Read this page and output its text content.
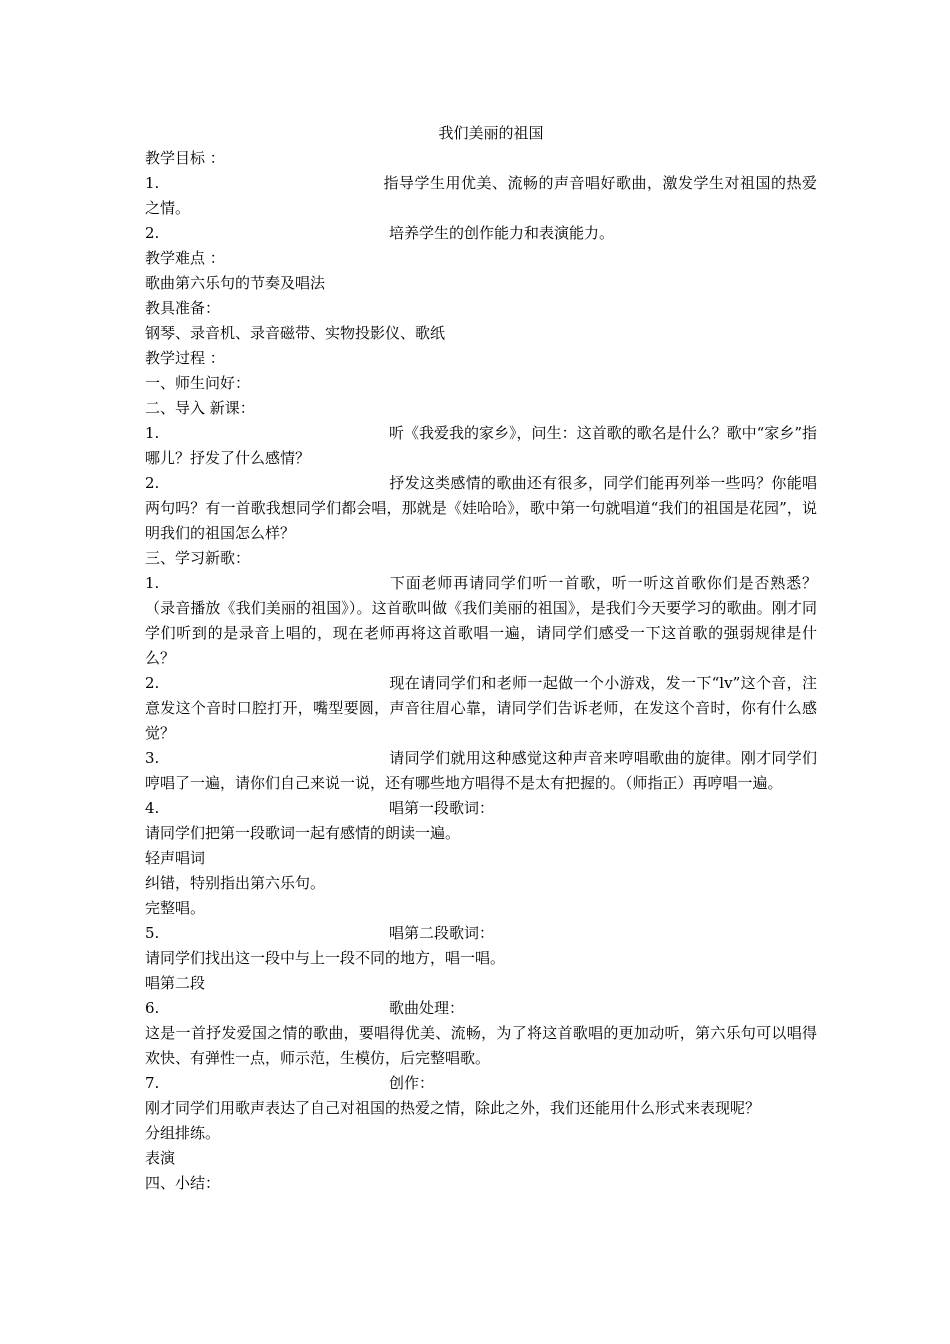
我们美丽的祖国
教学目标 ：
1.	指导学生用优美、流畅的声音唱好歌曲，激发学生对祖国的热爱之情。
2.	培养学生的创作能力和表演能力。
教学难点 ：
歌曲第六乐句的节奏及唱法
教具准备：
钢琴、录音机、录音磁带、实物投影仪、歌纸
教学过程 ：
一、师生问好：
二、导入 新课：
1.	听《我爱我的家乡》，问生：这首歌的歌名是什么？歌中“家乡”指哪儿？抒发了什么感情？
2.	抒发这类感情的歌曲还有很多，同学们能再列举一些吗？你能唱两句吗？有一首歌我想同学们都会唱，那就是《娃哈哈》，歌中第一句就唱道“我们的祖国是花园”，说明我们的祖国怎么样？
三、学习新歌：
1.	下面老师再请同学们听一首歌，听一听这首歌你们是否熟悉？（录音播放《我们美丽的祖国》）。这首歌叫做《我们美丽的祖国》，是我们今天要学习的歌曲。刚才同学们听到的是录音上唱的，现在老师再将这首歌唱一遍，请同学们感受一下这首歌的强弱规律是什么？
2.	现在请同学们和老师一起做一个小游戏，发一下“lv”这个音，注意发这个音时口腔打开，嘴型要圆，声音往眉心靠，请同学们告诉老师，在发这个音时，你有什么感觉？
3.	请同学们就用这种感觉这种声音来哼唱歌曲的旋律。刚才同学们哼唱了一遍，请你们自己来说一说，还有哪些地方唱得不是太有把握的。（师指正）再哼唱一遍。
4.	唱第一段歌词：
请同学们把第一段歌词一起有感情的朗读一遍。
轻声唱词
纠错，特别指出第六乐句。
完整唱。
5.	唱第二段歌词：
请同学们找出这一段中与上一段不同的地方，唱一唱。
唱第二段
6.	歌曲处理：
这是一首抒发爱国之情的歌曲，要唱得优美、流畅，为了将这首歌唱的更加动听，第六乐句可以唱得欢快、有弹性一点，师示范，生模仿，后完整唱歌。
7.	创作：
刚才同学们用歌声表达了自己对祖国的热爱之情，除此之外，我们还能用什么形式来表现呢？
分组排练。
表演
四、小结：
